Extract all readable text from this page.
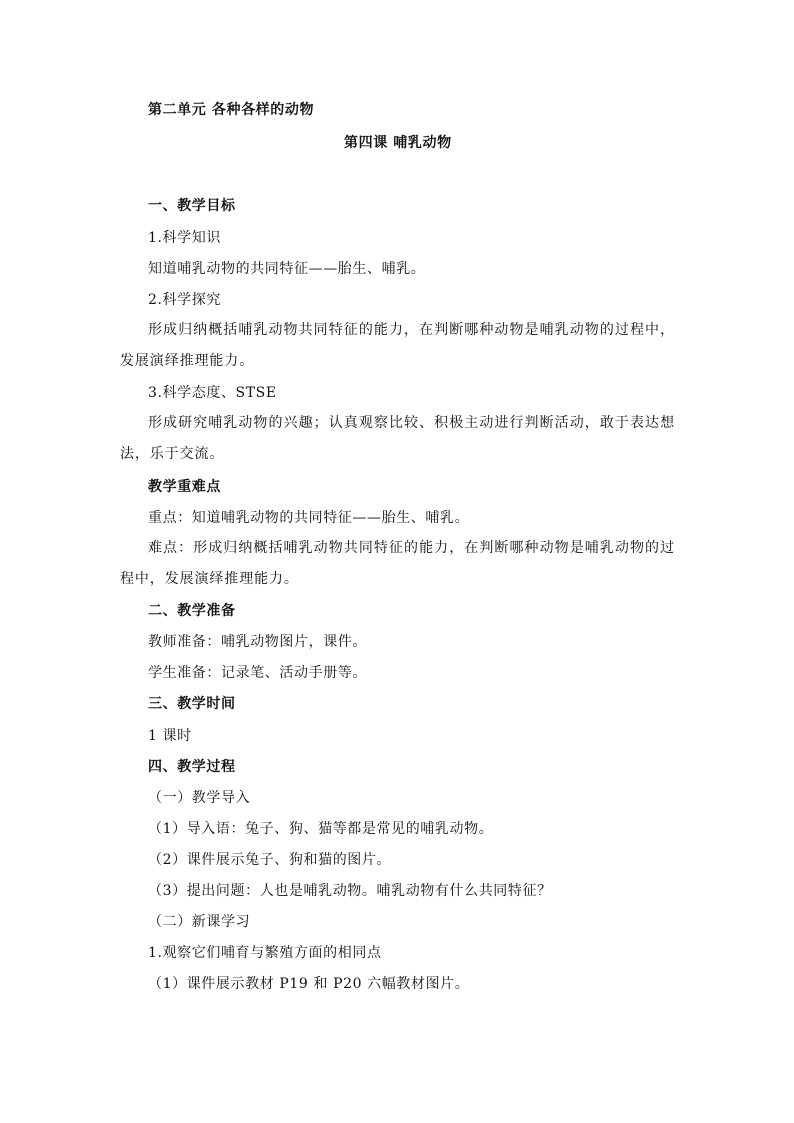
第二单元 各种各样的动物
第四课 哺乳动物
一、教学目标
1.科学知识
知道哺乳动物的共同特征——胎生、哺乳。
2.科学探究
形成归纳概括哺乳动物共同特征的能力，在判断哪种动物是哺乳动物的过程中，发展演绎推理能力。
3.科学态度、STSE
形成研究哺乳动物的兴趣；认真观察比较、积极主动进行判断活动，敢于表达想法，乐于交流。
教学重难点
重点：知道哺乳动物的共同特征——胎生、哺乳。
难点：形成归纳概括哺乳动物共同特征的能力，在判断哪种动物是哺乳动物的过程中，发展演绎推理能力。
二、教学准备
教师准备：哺乳动物图片，课件。
学生准备：记录笔、活动手册等。
三、教学时间
1 课时
四、教学过程
（一）教学导入
（1）导入语：兔子、狗、猫等都是常见的哺乳动物。
（2）课件展示兔子、狗和猫的图片。
（3）提出问题：人也是哺乳动物。哺乳动物有什么共同特征？
（二）新课学习
1.观察它们哺育与繁殖方面的相同点
（1）课件展示教材 P19 和 P20 六幅教材图片。
